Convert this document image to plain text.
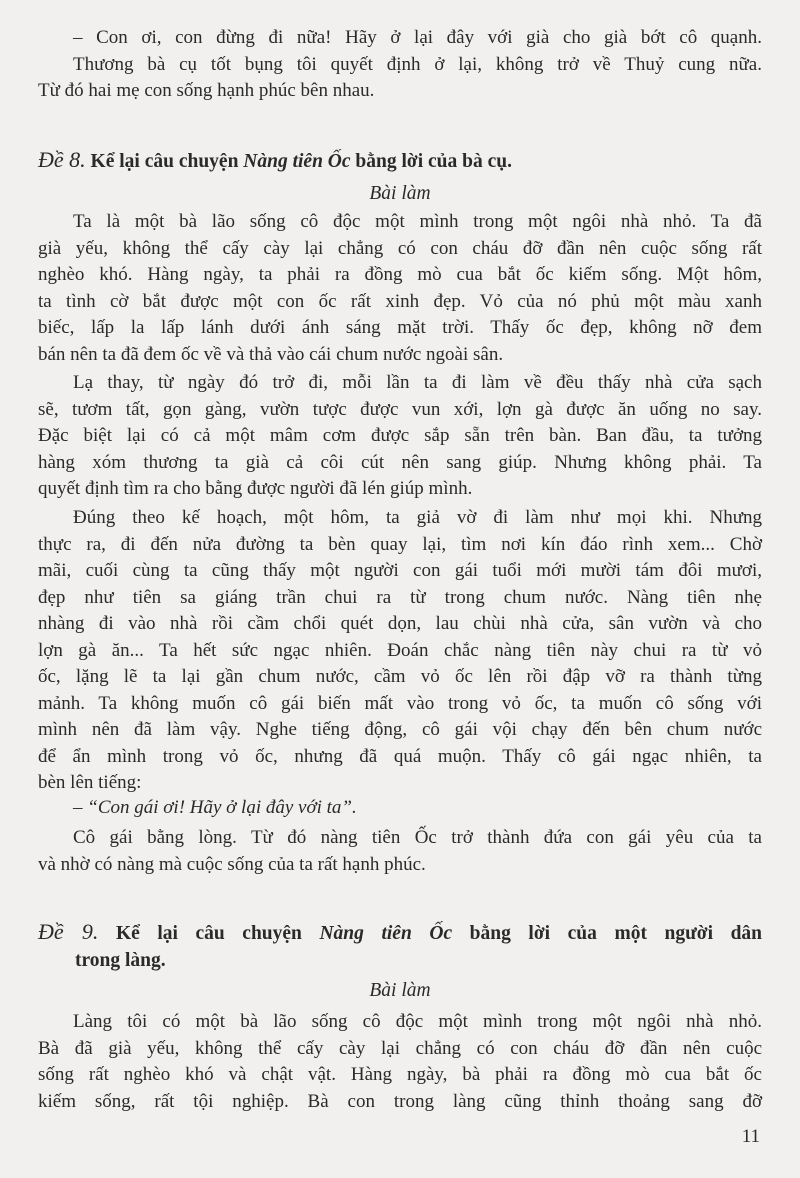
– Con ơi, con đừng đi nữa! Hãy ở lại đây với già cho già bớt cô quạnh.
Thương bà cụ tốt bụng tôi quyết định ở lại, không trở về Thuỷ cung nữa.
Từ đó hai mẹ con sống hạnh phúc bên nhau.
Đề 8. Kể lại câu chuyện Nàng tiên Ốc bằng lời của bà cụ.
Bài làm
Ta là một bà lão sống cô độc một mình trong một ngôi nhà nhỏ. Ta đã
già yếu, không thể cấy cày lại chẳng có con cháu đỡ đần nên cuộc sống rất
nghèo khó. Hàng ngày, ta phải ra đồng mò cua bắt ốc kiếm sống. Một hôm,
ta tình cờ bắt được một con ốc rất xinh đẹp. Vỏ của nó phủ một màu xanh
biếc, lấp la lấp lánh dưới ánh sáng mặt trời. Thấy ốc đẹp, không nỡ đem
bán nên ta đã đem ốc về và thả vào cái chum nước ngoài sân.
Lạ thay, từ ngày đó trở đi, mỗi lần ta đi làm về đều thấy nhà cửa sạch
sẽ, tươm tất, gọn gàng, vườn tược được vun xới, lợn gà được ăn uống no say.
Đặc biệt lại có cả một mâm cơm được sắp sẵn trên bàn. Ban đầu, ta tưởng
hàng xóm thương ta già cả côi cút nên sang giúp. Nhưng không phải. Ta
quyết định tìm ra cho bằng được người đã lén giúp mình.
Đúng theo kế hoạch, một hôm, ta giả vờ đi làm như mọi khi. Nhưng
thực ra, đi đến nửa đường ta bèn quay lại, tìm nơi kín đáo rình xem... Chờ
mãi, cuối cùng ta cũng thấy một người con gái tuổi mới mười tám đôi mươi,
đẹp như tiên sa giáng trần chui ra từ trong chum nước. Nàng tiên nhẹ
nhàng đi vào nhà rồi cầm chổi quét dọn, lau chùi nhà cửa, sân vườn và cho
lợn gà ăn... Ta hết sức ngạc nhiên. Đoán chắc nàng tiên này chui ra từ vỏ
ốc, lặng lẽ ta lại gần chum nước, cầm vỏ ốc lên rồi đập vỡ ra thành từng
mảnh. Ta không muốn cô gái biến mất vào trong vỏ ốc, ta muốn cô sống với
mình nên đã làm vậy. Nghe tiếng động, cô gái vội chạy đến bên chum nước
để ẩn mình trong vỏ ốc, nhưng đã quá muộn. Thấy cô gái ngạc nhiên, ta
bèn lên tiếng:
– “Con gái ơi! Hãy ở lại đây với ta”.
Cô gái bằng lòng. Từ đó nàng tiên Ốc trở thành đứa con gái yêu của ta
và nhờ có nàng mà cuộc sống của ta rất hạnh phúc.
Đề 9. Kể lại câu chuyện Nàng tiên Ốc bằng lời của một người dân
trong làng.
Bài làm
Làng tôi có một bà lão sống cô độc một mình trong một ngôi nhà nhỏ.
Bà đã già yếu, không thể cấy cày lại chẳng có con cháu đỡ đần nên cuộc
sống rất nghèo khó và chật vật. Hàng ngày, bà phải ra đồng mò cua bắt ốc
kiếm sống, rất tội nghiệp. Bà con trong làng cũng thỉnh thoảng sang đỡ
11
